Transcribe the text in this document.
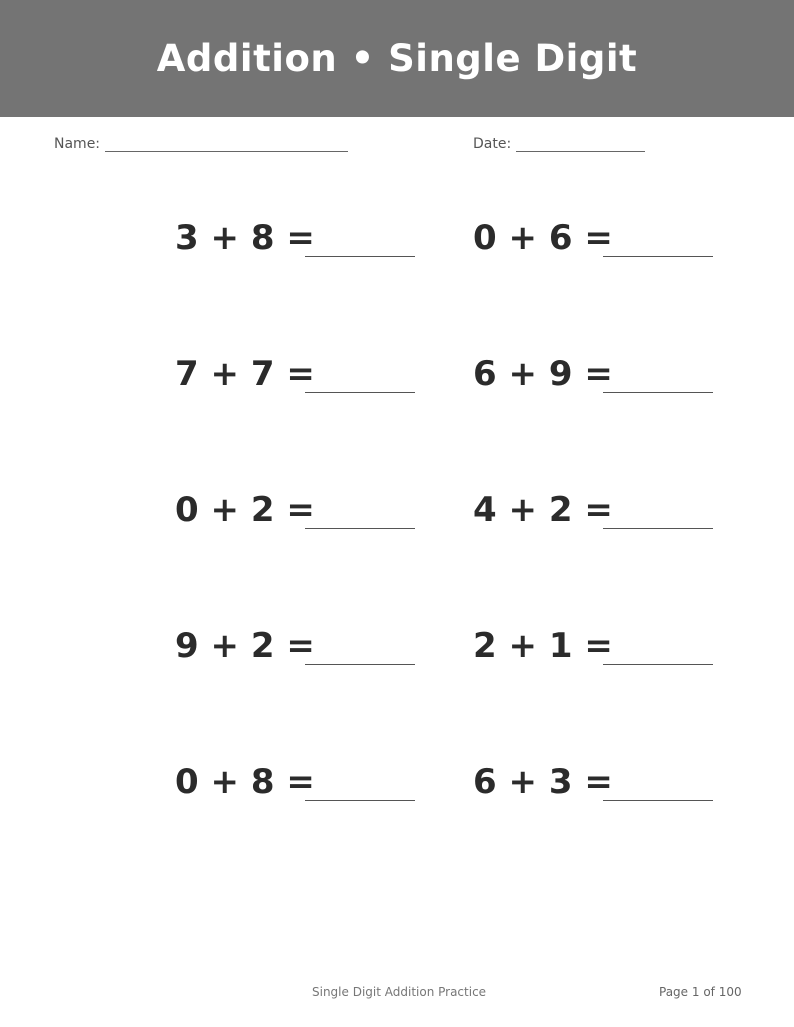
Addition • Single Digit
Name:	Date:
3 + 8 =	0 + 6 =
7 + 7 =	6 + 9 =
0 + 2 =	4 + 2 =
9 + 2 =	2 + 1 =
0 + 8 =	6 + 3 =
Single Digit Addition Practice	Page 1 of 100
